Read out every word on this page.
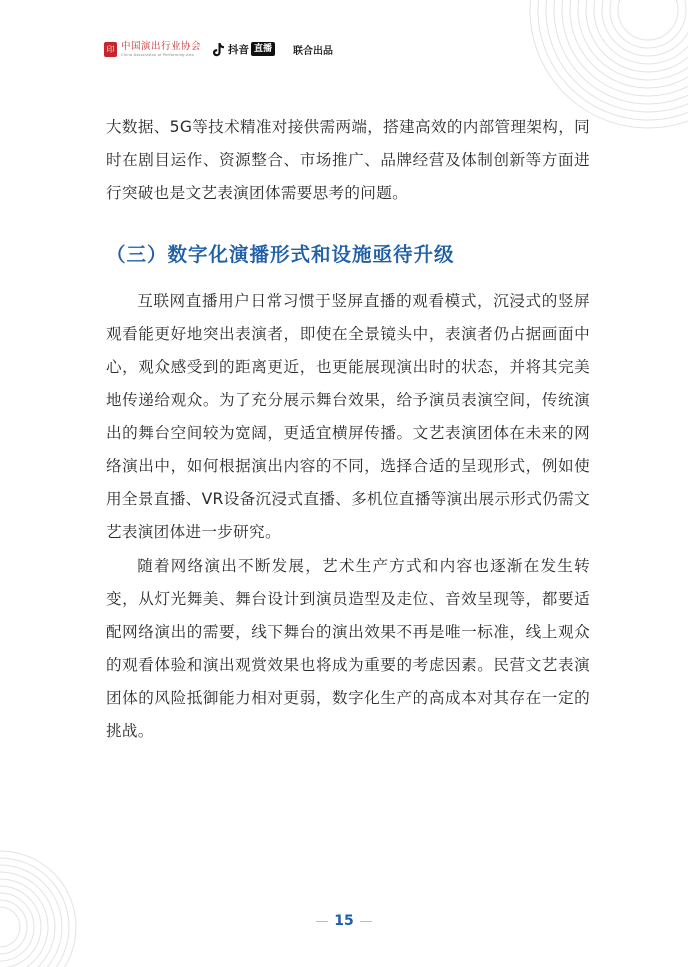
印 中国演出行业协会
China Association of Performing Arts	抖音 直播	联合出品

大数据、5G等技术精准对接供需两端，搭建高效的内部管理架构，同时在剧目运作、资源整合、市场推广、品牌经营及体制创新等方面进行突破也是文艺表演团体需要思考的问题。

（三）数字化演播形式和设施亟待升级

互联网直播用户日常习惯于竖屏直播的观看模式，沉浸式的竖屏观看能更好地突出表演者，即使在全景镜头中，表演者仍占据画面中心，观众感受到的距离更近，也更能展现演出时的状态，并将其完美地传递给观众。为了充分展示舞台效果，给予演员表演空间，传统演出的舞台空间较为宽阔，更适宜横屏传播。文艺表演团体在未来的网络演出中，如何根据演出内容的不同，选择合适的呈现形式，例如使用全景直播、VR设备沉浸式直播、多机位直播等演出展示形式仍需文艺表演团体进一步研究。

随着网络演出不断发展，艺术生产方式和内容也逐渐在发生转变，从灯光舞美、舞台设计到演员造型及走位、音效呈现等，都要适配网络演出的需要，线下舞台的演出效果不再是唯一标准，线上观众的观看体验和演出观赏效果也将成为重要的考虑因素。民营文艺表演团体的风险抵御能力相对更弱，数字化生产的高成本对其存在一定的挑战。

15
